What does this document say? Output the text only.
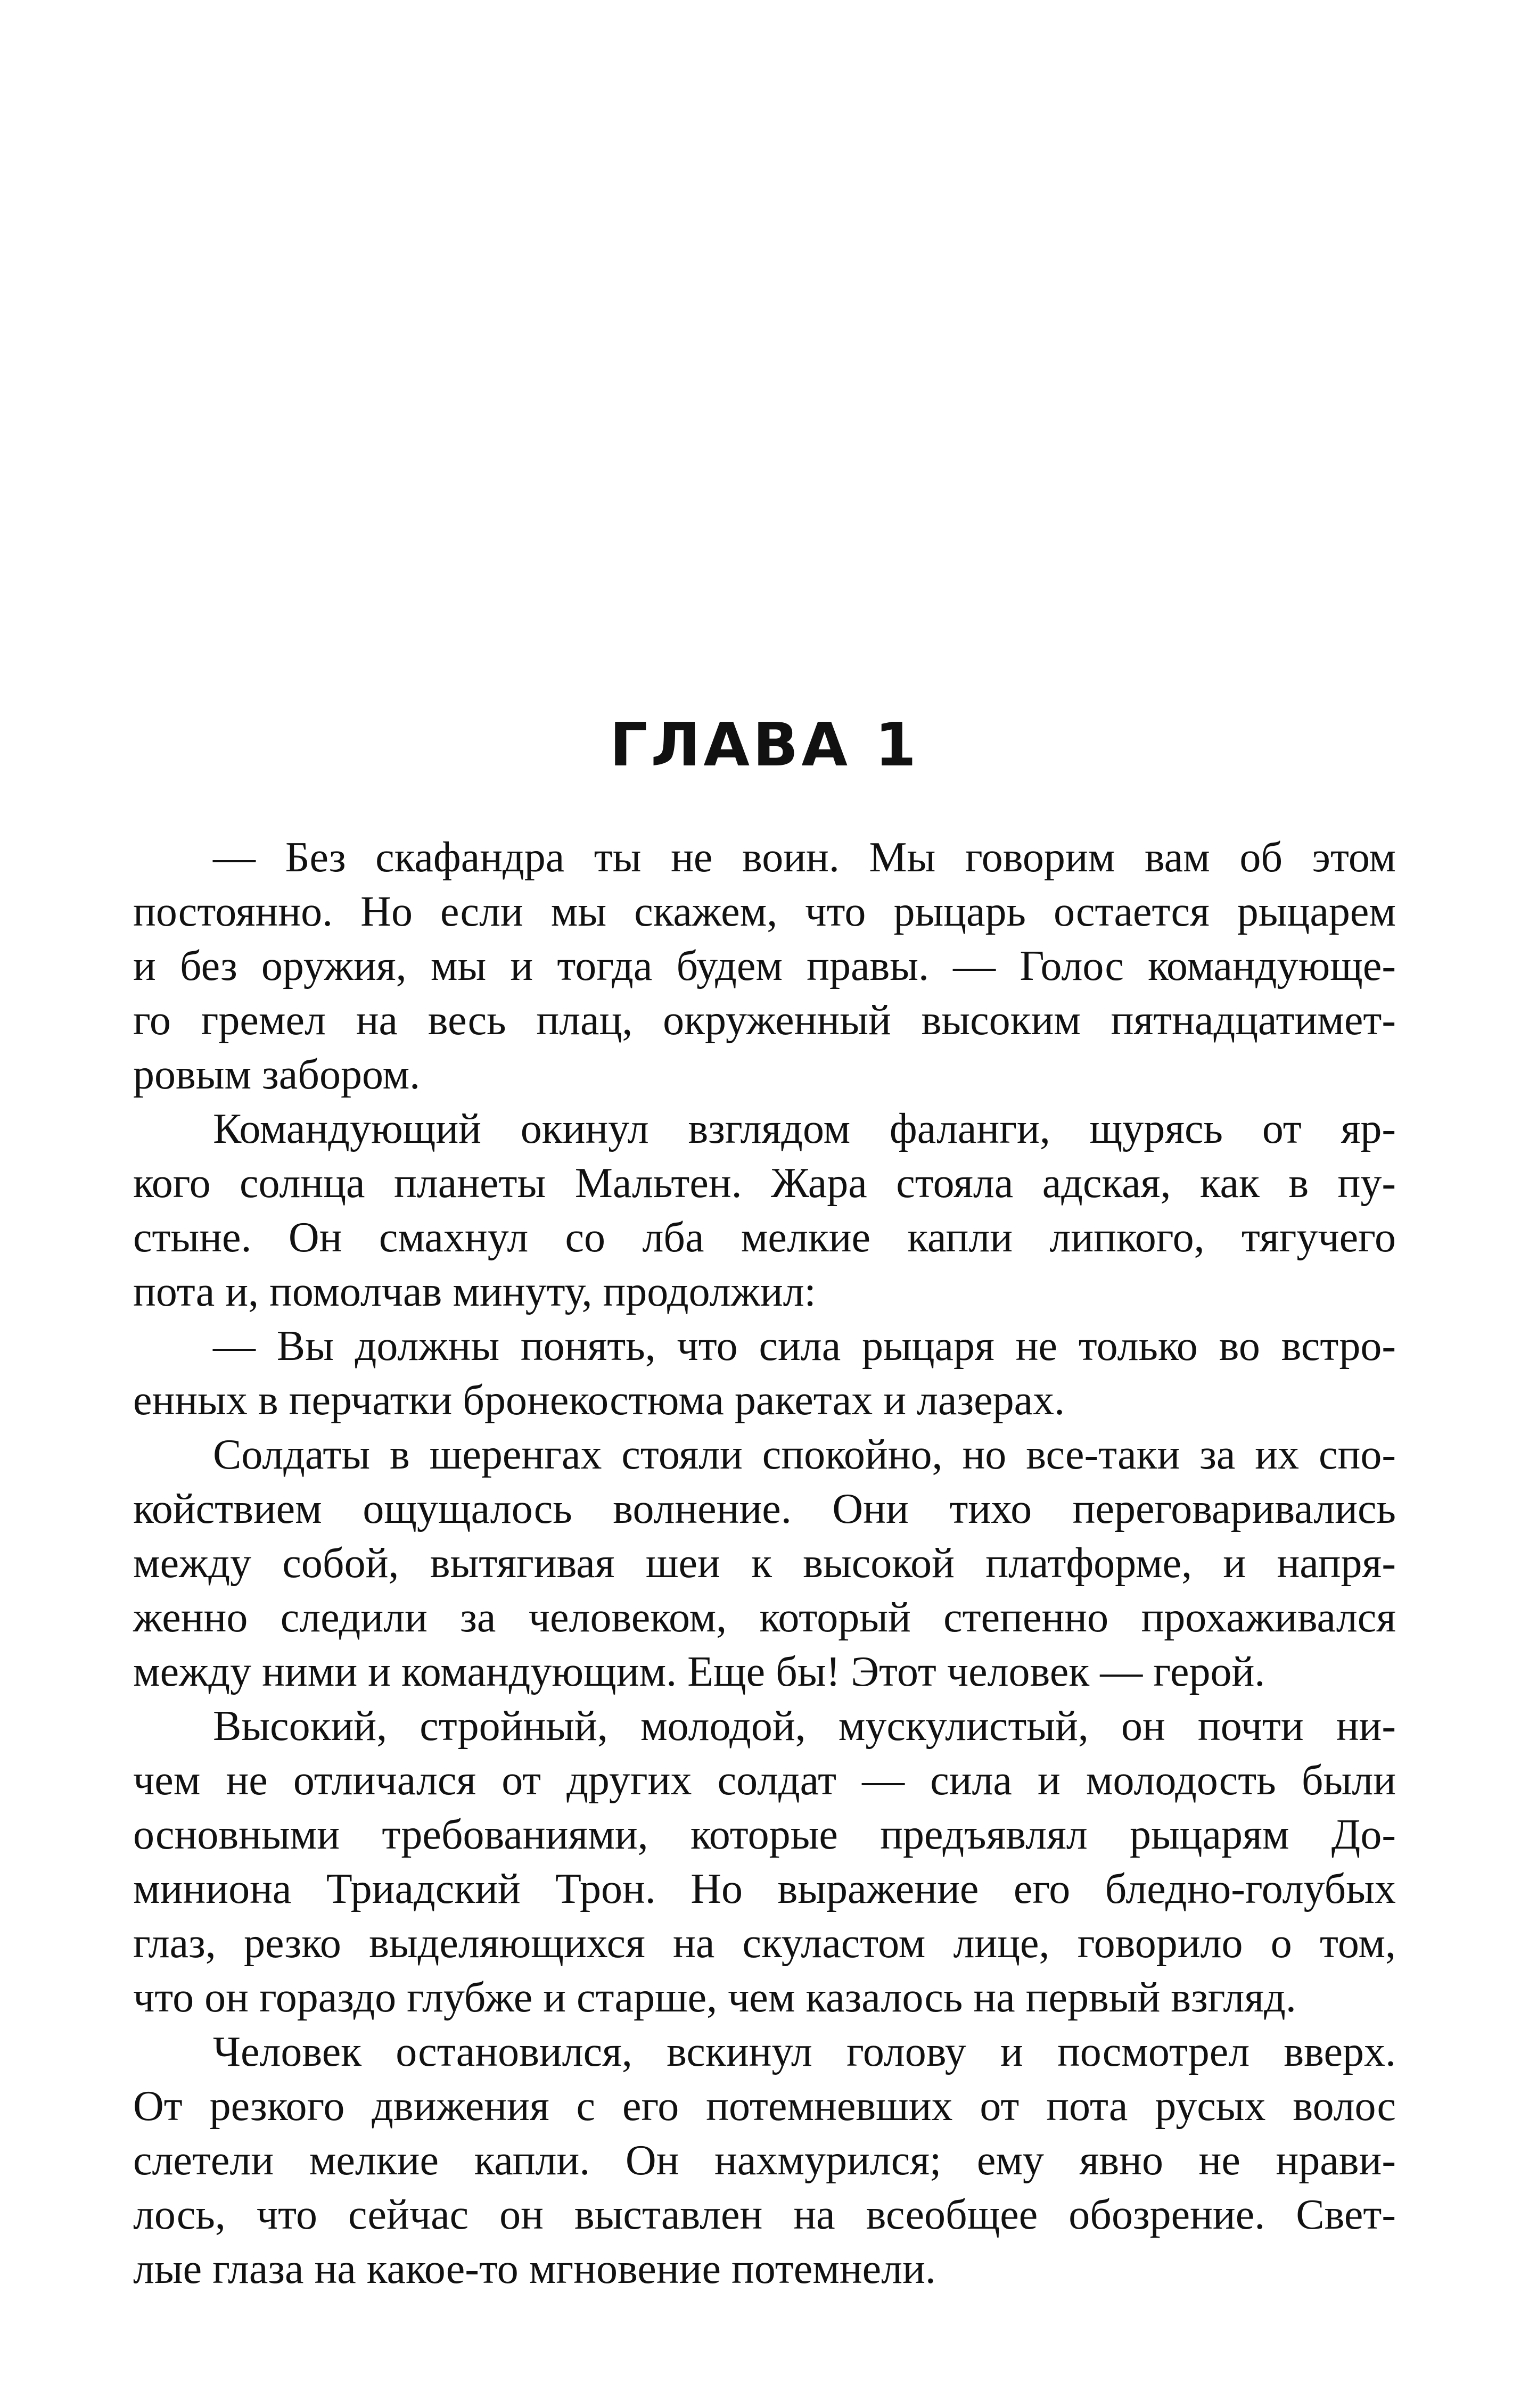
ГЛАВА 1
— Без скафандра ты не воин. Мы говорим вам об этом
постоянно. Но если мы скажем, что рыцарь остается рыцарем
и без оружия, мы и тогда будем правы. — Голос командующе-
го гремел на весь плац, окруженный высоким пятнадцатимет-
ровым забором.
Командующий окинул взглядом фаланги, щурясь от яр-
кого солнца планеты Мальтен. Жара стояла адская, как в пу-
стыне. Он смахнул со лба мелкие капли липкого, тягучего
пота и, помолчав минуту, продолжил:
— Вы должны понять, что сила рыцаря не только во встро-
енных в перчатки бронекостюма ракетах и лазерах.
Солдаты в шеренгах стояли спокойно, но все-таки за их спо-
койствием ощущалось волнение. Они тихо переговаривались
между собой, вытягивая шеи к высокой платформе, и напря-
женно следили за человеком, который степенно прохаживался
между ними и командующим. Еще бы! Этот человек — герой.
Высокий, стройный, молодой, мускулистый, он почти ни-
чем не отличался от других солдат — сила и молодость были
основными требованиями, которые предъявлял рыцарям До-
миниона Триадский Трон. Но выражение его бледно-голубых
глаз, резко выделяющихся на скуластом лице, говорило о том,
что он гораздо глубже и старше, чем казалось на первый взгляд.
Человек остановился, вскинул голову и посмотрел вверх.
От резкого движения с его потемневших от пота русых волос
слетели мелкие капли. Он нахмурился; ему явно не нрави-
лось, что сейчас он выставлен на всеобщее обозрение. Свет-
лые глаза на какое-то мгновение потемнели.
